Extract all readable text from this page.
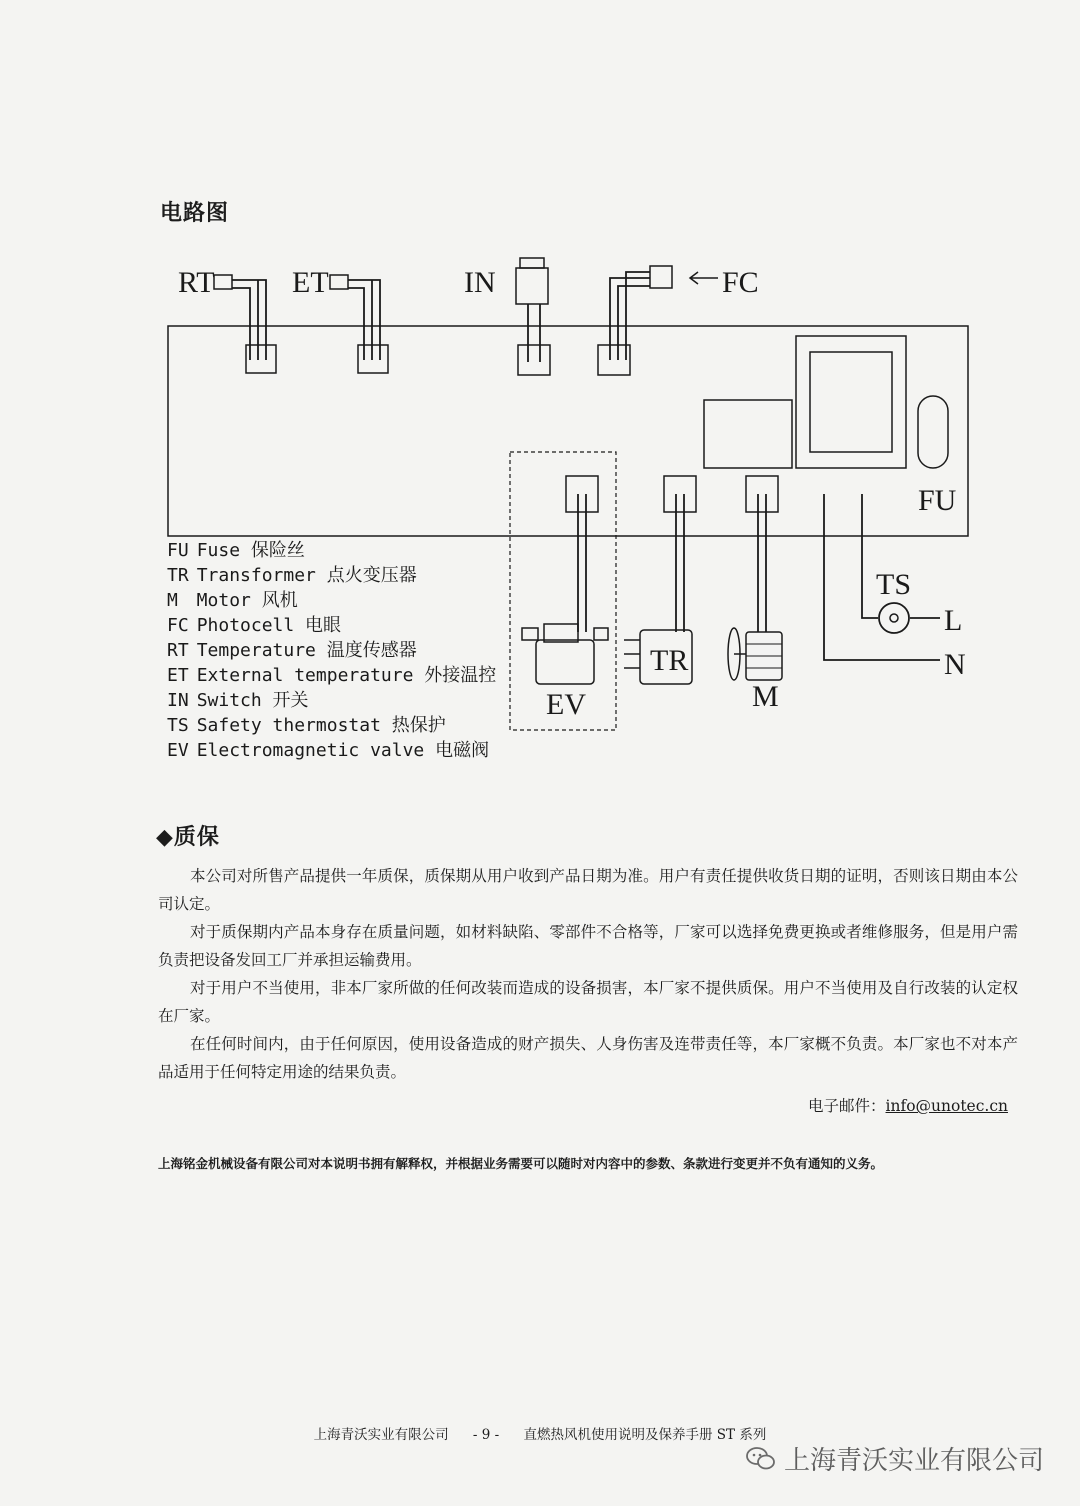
电路图
RT	ET	IN	FC
FU
TS
L
N
EV
TR
M
FU Fuse 保险丝
TR Transformer 点火变压器
M Motor 风机
FC Photocell 电眼
RT Temperature 温度传感器
ET External temperature 外接温控
IN Switch 开关
TS Safety thermostat 热保护
EV Electromagnetic valve 电磁阀
◆质保

本公司对所售产品提供一年质保，质保期从用户收到产品日期为准。用户有责任提供收货日期的证明，否则该日期由本公司认定。

对于质保期内产品本身存在质量问题，如材料缺陷、零部件不合格等，厂家可以选择免费更换或者维修服务，但是用户需负责把设备发回工厂并承担运输费用。

对于用户不当使用，非本厂家所做的任何改装而造成的设备损害，本厂家不提供质保。用户不当使用及自行改装的认定权在厂家。

在任何时间内，由于任何原因，使用设备造成的财产损失、人身伤害及连带责任等，本厂家概不负责。本厂家也不对本产品适用于任何特定用途的结果负责。

电子邮件：info@unotec.cn
上海铭金机械设备有限公司对本说明书拥有解释权，并根据业务需要可以随时对内容中的参数、条款进行变更并不负有通知的义务。
上海青沃实业有限公司 - 9 - 直燃热风机使用说明及保养手册 ST 系列
上海青沃实业有限公司
